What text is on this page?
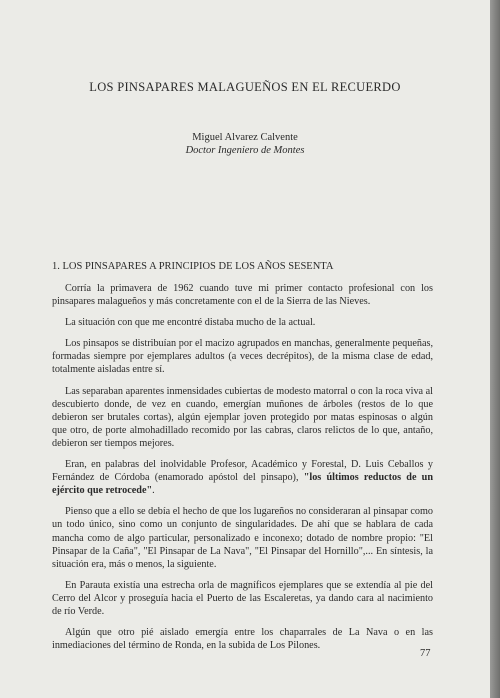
LOS PINSAPARES MALAGUEÑOS EN EL RECUERDO
Miguel Alvarez Calvente
Doctor Ingeniero de Montes
1. LOS PINSAPARES A PRINCIPIOS DE LOS AÑOS SESENTA

Corría la primavera de 1962 cuando tuve mi primer contacto profesional con los pinsapares malagueños y más concretamente con el de la Sierra de las Nieves.

La situación con que me encontré distaba mucho de la actual.

Los pinsapos se distribuían por el macizo agrupados en manchas, generalmente pequeñas, formadas siempre por ejemplares adultos (a veces decrépitos), de la misma clase de edad, totalmente aisladas entre sí.

Las separaban aparentes inmensidades cubiertas de modesto matorral o con la roca viva al descubierto donde, de vez en cuando, emergían muñones de árboles (restos de lo que debieron ser brutales cortas), algún ejemplar joven protegido por matas espinosas o algún que otro, de porte almohadillado recomido por las cabras, claros relictos de lo que, antaño, debieron ser tiempos mejores.

Eran, en palabras del inolvidable Profesor, Académico y Forestal, D. Luis Ceballos y Fernández de Córdoba (enamorado apóstol del pinsapo), "los últimos reductos de un ejército que retrocede".

Pienso que a ello se debía el hecho de que los lugareños no consideraran al pinsapar como un todo único, sino como un conjunto de singularidades. De ahí que se hablara de cada mancha como de algo particular, personalizado e inconexo; dotado de nombre propio: "El Pinsapar de la Caña", "El Pinsapar de La Nava", "El Pinsapar del Hornillo",... En síntesis, la situación era, más o menos, la siguiente.

En Parauta existía una estrecha orla de magníficos ejemplares que se extendía al pie del Cerro del Alcor y proseguía hacia el Puerto de las Escaleretas, ya dando cara al nacimiento de río Verde.

Algún que otro pié aislado emergía entre los chaparrales de La Nava o en las inmediaciones del término de Ronda, en la subida de Los Pilones.

77
